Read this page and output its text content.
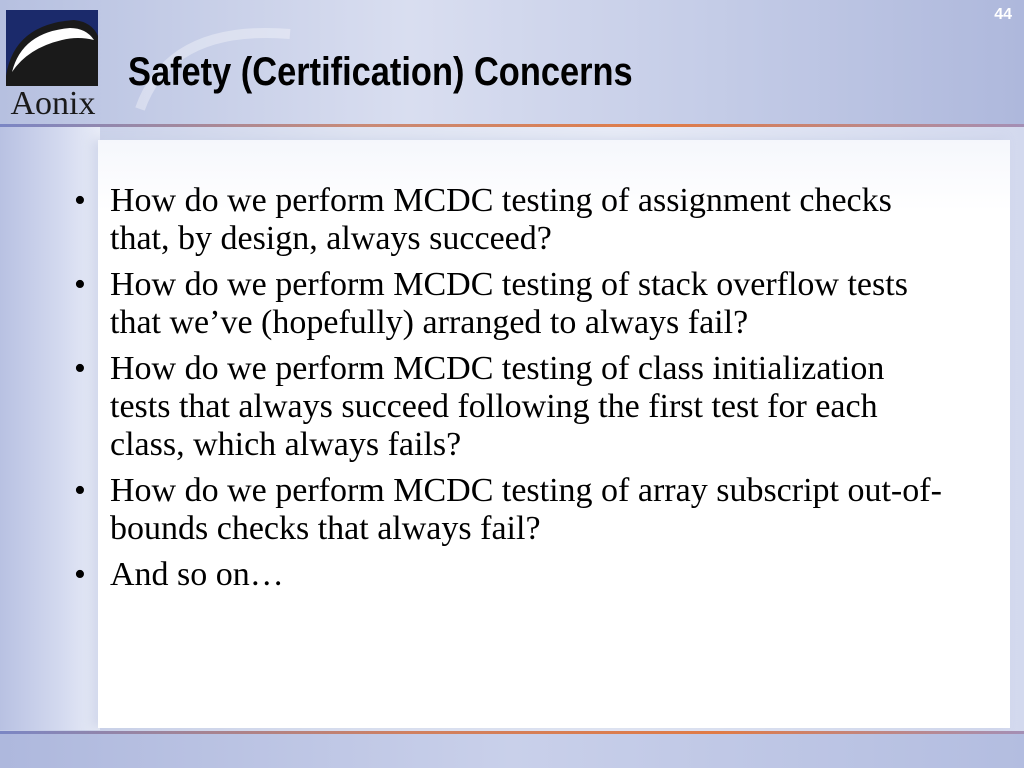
Aonix
44
Safety (Certification) Concerns
• How do we perform MCDC testing of assignment checks that, by design, always succeed?
• How do we perform MCDC testing of stack overflow tests that we’ve (hopefully) arranged to always fail?
• How do we perform MCDC testing of class initialization tests that always succeed following the first test for each class, which always fails?
• How do we perform MCDC testing of array subscript out-of-bounds checks that always fail?
• And so on…
